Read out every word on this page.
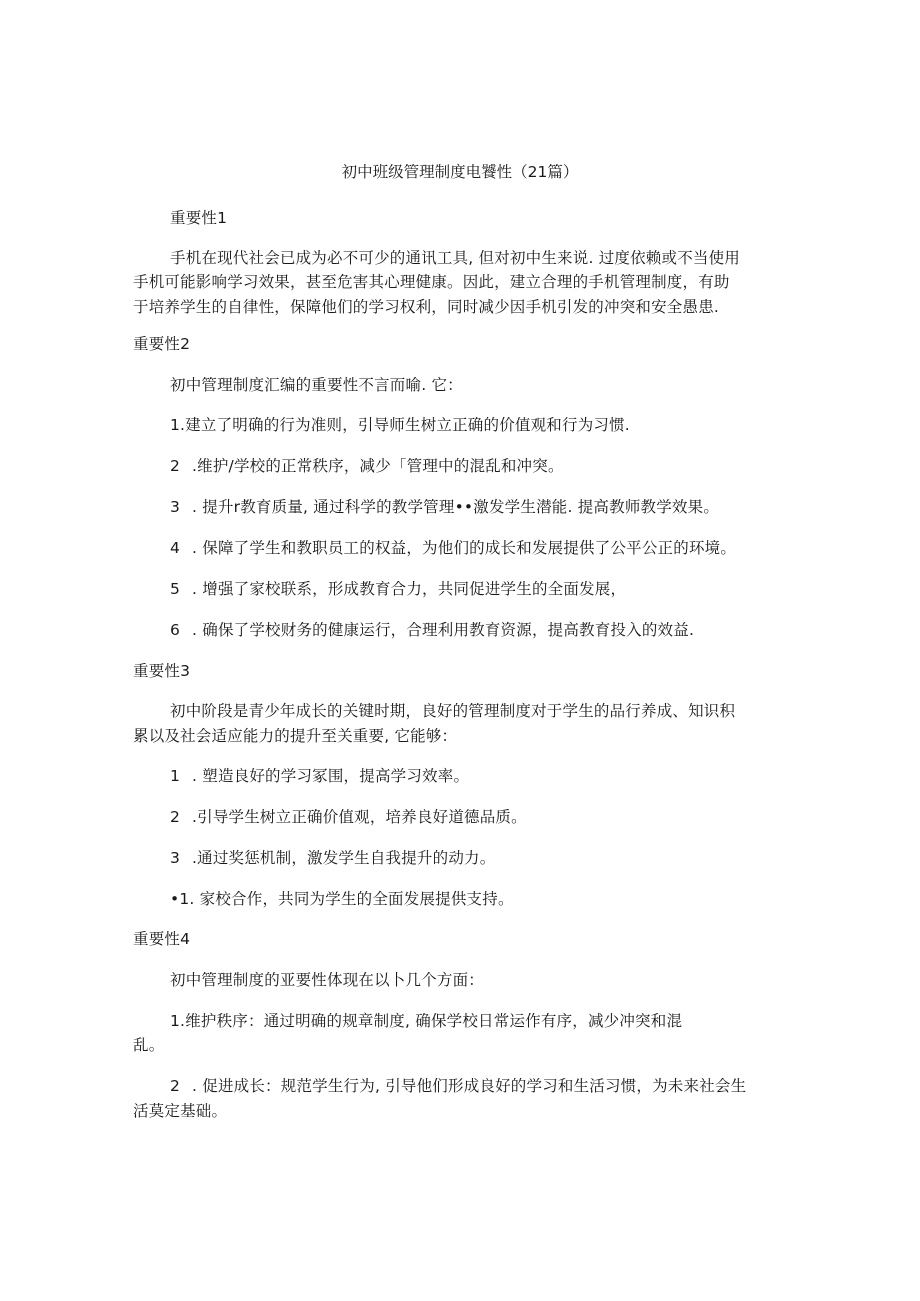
初中班级管理制度电饕性（21篇）
重要性1
手机在现代社会已成为必不可少的通讯工具, 但对初中生来说. 过度依赖或不当使用
手机可能影响学习效果，甚至危害其心理健康。因此，建立合理的手机管理制度，有助
于培养学生的自律性，保障他们的学习权利，同时减少因手机引发的冲突和安全愚患.
重要性2
初中管理制度汇编的重要性不言而喻. 它：
1.建立了明确的行为准则，引导师生树立正确的价值观和行为习惯.
2 .维护/学校的正常秩序，减少「管理中的混乱和冲突。
3 . 提升r教育质量, 通过科学的教学管理••激发学生潜能. 提高教师教学效果。
4 . 保障了学生和教职员工的权益，为他们的成长和发展提供了公平公正的环境。
5 . 增强了家校联系，形成教育合力，共同促进学生的全面发展，
6 . 确保了学校财务的健康运行，合理利用教育资源，提高教育投入的效益.
重要性3
初中阶段是青少年成长的关键时期，良好的管理制度对于学生的品行养成、知识积
累以及社会适应能力的提升至关重要, 它能够：
1 . 塑造良好的学习冢围，提高学习效率。
2 .引导学生树立正确价值观，培养良好道德品质。
3 .通过奖惩机制，激发学生自我提升的动力。
•1. 家校合作，共同为学生的全面发展提供支持。
重要性4
初中管理制度的亚要性体现在以卜几个方面：
1.维护秩序：通过明确的规章制度, 确保学校日常运作有序，减少冲突和混
乱。
2 . 促进成长：规范学生行为, 引导他们形成良好的学习和生活习惯，为未来社会生
活莫定基础。
